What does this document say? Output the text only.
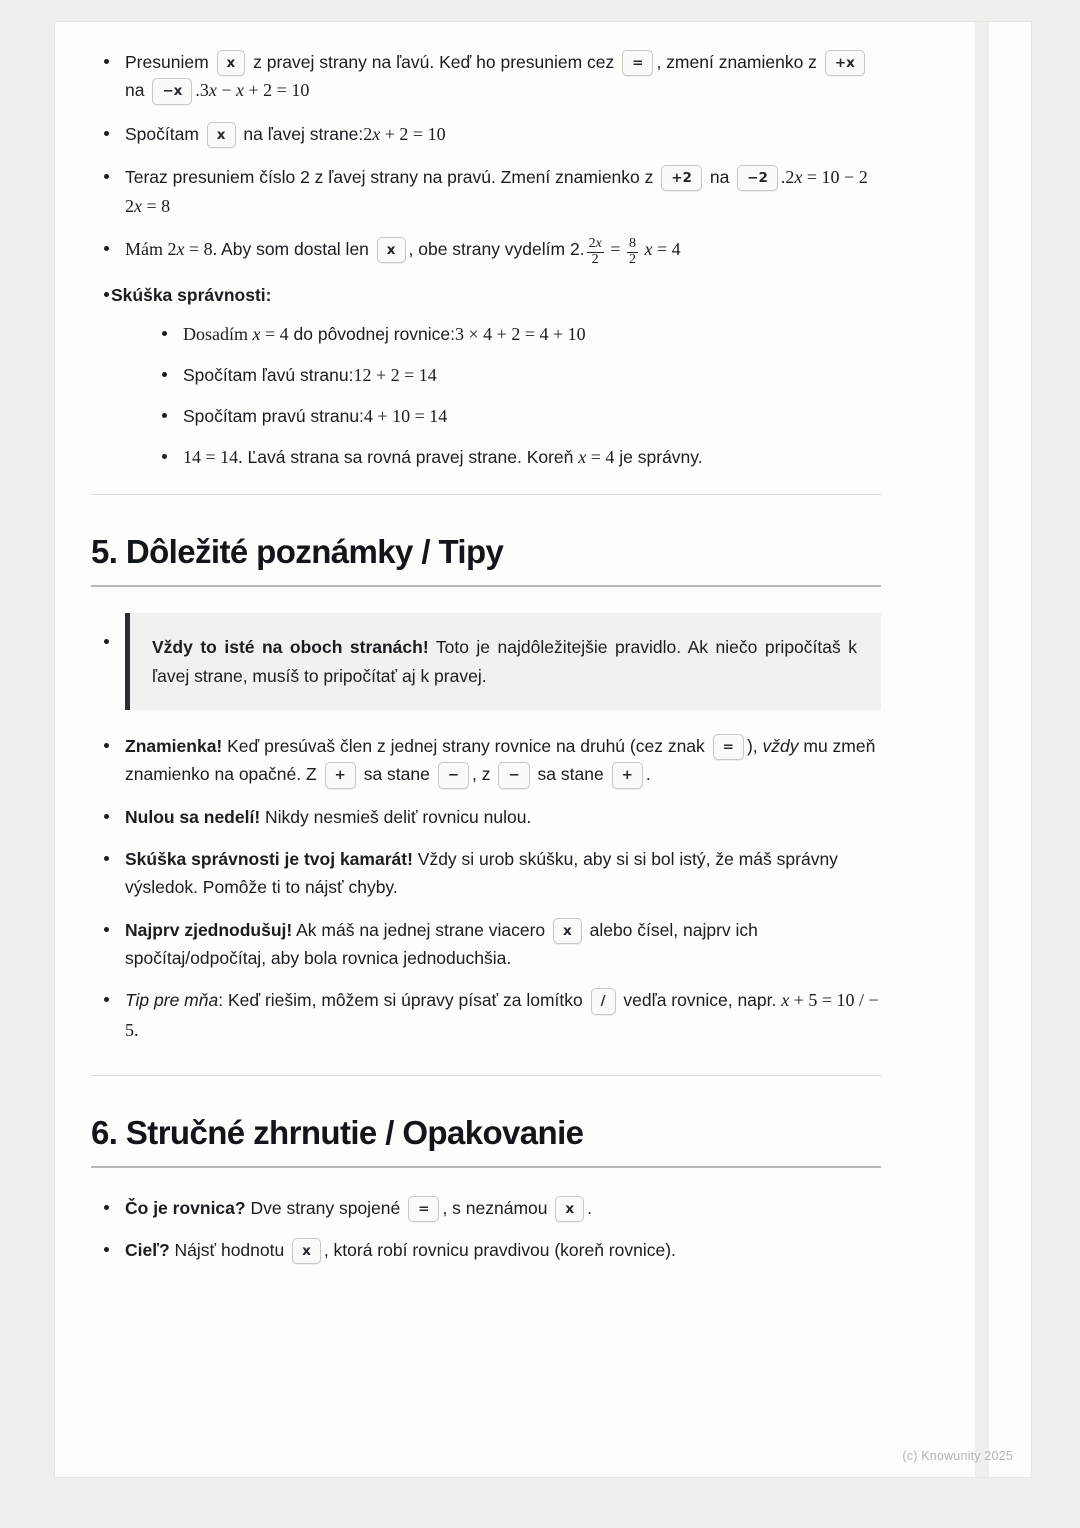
Presuniem x z pravej strany na ľavú. Keď ho presuniem cez = , zmení znamienko z +x na −x .3x − x + 2 = 10
Spočítam x na ľavej strane:2x + 2 = 10
Teraz presuniem číslo 2 z ľavej strany na pravú. Zmení znamienko z +2 na −2 .2x = 10 − 2 2x = 8
Mám 2x = 8. Aby som dostal len x , obe strany vydelím 2. $\frac{2x}{2} = \frac{8}{2}$ x = 4
Skúška správnosti:
Dosadím x = 4 do pôvodnej rovnice:3 × 4 + 2 = 4 + 10
Spočítam ľavú stranu:12 + 2 = 14
Spočítam pravú stranu:4 + 10 = 14
14 = 14. Ľavá strana sa rovná pravej strane. Koreň x = 4 je správny.
5. Dôležité poznámky / Tipy
Vždy to isté na oboch stranách! Toto je najdôležitejšie pravidlo. Ak niečo pripočítaš k ľavej strane, musíš to pripočítať aj k pravej.
Znamienka! Keď presúvaš člen z jednej strany rovnice na druhú (cez znak = ), vždy mu zmeň znamienko na opačné. Z + sa stane − , z − sa stane + .
Nulou sa nedelí! Nikdy nesmieš deliť rovnicu nulou.
Skúška správnosti je tvoj kamarát! Vždy si urob skúšku, aby si si bol istý, že máš správny výsledok. Pomôže ti to nájsť chyby.
Najprv zjednodušuj! Ak máš na jednej strane viacero x alebo čísel, najprv ich spočítaj/odpočítaj, aby bola rovnica jednoduchšia.
Tip pre mňa: Keď riešim, môžem si úpravy písať za lomítko / vedľa rovnice, napr. x + 5 = 10 / − 5.
6. Stručné zhrnutie / Opakovanie
Čo je rovnica? Dve strany spojené = , s neznámou x .
Cieľ? Nájsť hodnotu x , ktorá robí rovnicu pravdivou (koreň rovnice).
(c) Knowunity 2025
